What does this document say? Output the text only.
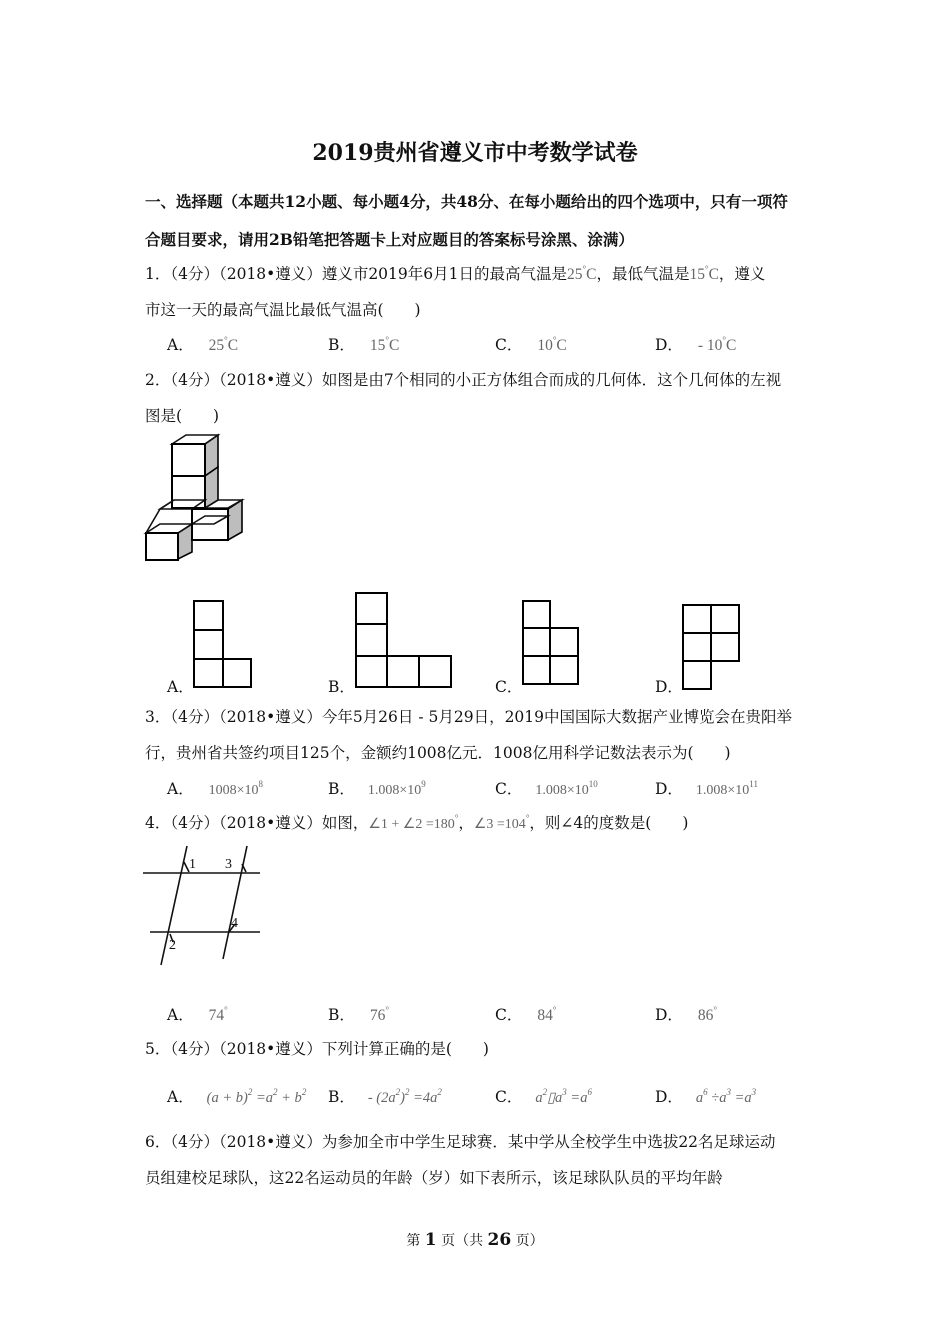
2019贵州省遵义市中考数学试卷
一、选择题（本题共12小题、每小题4分，共48分、在每小题给出的四个选项中，只有一项符
合题目要求，请用2B铅笔把答题卡上对应题目的答案标号涂黑、涂满）
1．（4分）（2018•遵义）遵义市2019年6月1日的最高气温是25°C，最低气温是15°C，遵义
市这一天的最高气温比最低气温高(　　)
A． 25°C	B． 15°C	C． 10°C	D． - 10°C
2．（4分）（2018•遵义）如图是由7个相同的小正方体组合而成的几何体．这个几何体的左视
图是(　　)
A．	B．	C．	D．
3．（4分）（2018•遵义）今年5月26日 - 5月29日，2019中国国际大数据产业博览会在贵阳举
行，贵州省共签约项目125个，金额约1008亿元．1008亿用科学记数法表示为(　　)
A． $1008\times 10^8$	B． $1.008\times 10^9$	C． $1.008\times 10^{10}$	D． $1.008\times 10^{11}$
4．（4分）（2018•遵义）如图，∠1 + ∠2 =180°，∠3 =104°，则∠4的度数是(　　)
1 3
4
2
A． 74°	B． 76°	C． 84°	D． 86°
5．（4分）（2018•遵义）下列计算正确的是(　　)
A． $(a + b)^2 =a^2 + b^2$ B． - $(2a^2)^2 =4a^2$	C． $a^2▯a^3 =a^6$	D． $a^6 \div a^3 =a^3$
6．（4分）（2018•遵义）为参加全市中学生足球赛．某中学从全校学生中选拔22名足球运动
员组建校足球队，这22名运动员的年龄（岁）如下表所示，该足球队队员的平均年龄
第 1 页（共 26 页）
